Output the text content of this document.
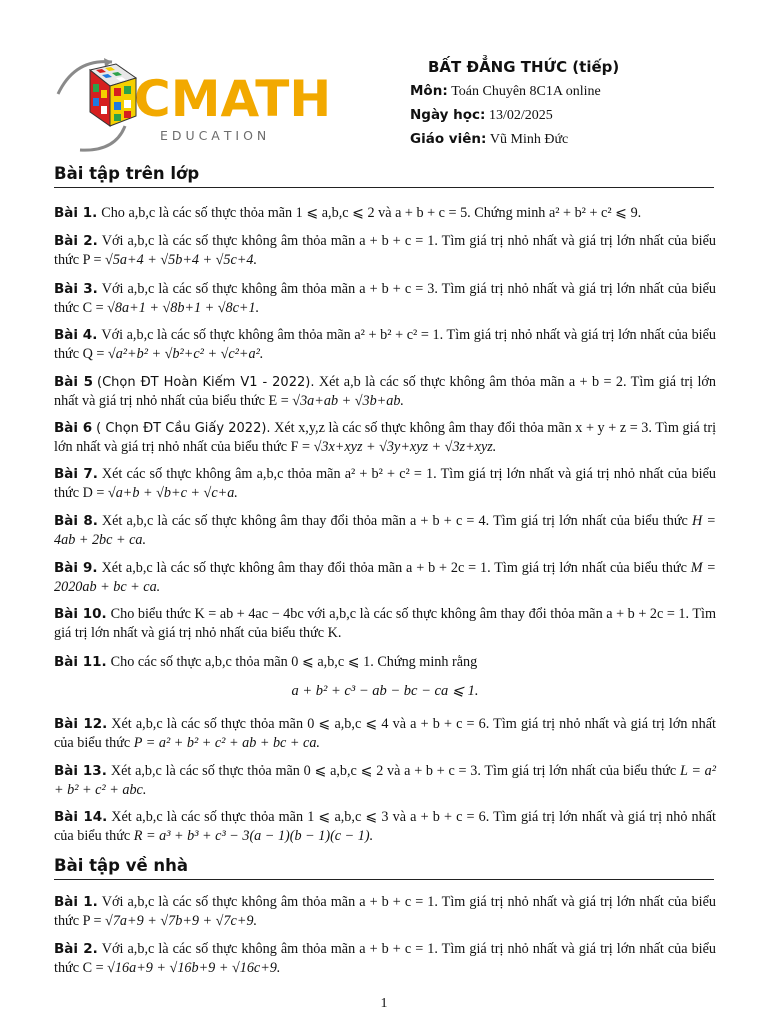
CMATH
E D U C A T I O N
BẤT ĐẲNG THỨC (tiếp)
Môn: Toán Chuyên 8C1A online
Ngày học: 13/02/2025
Giáo viên: Vũ Minh Đức
Bài tập trên lớp
Bài 1. Cho a,b,c là các số thực thỏa mãn 1 ⩽ a,b,c ⩽ 2 và a + b + c = 5. Chứng minh a² + b² + c² ⩽ 9.
Bài 2. Với a,b,c là các số thực không âm thỏa mãn a + b + c = 1. Tìm giá trị nhỏ nhất và giá trị lớn nhất của biểu thức P = √5a+4 + √5b+4 + √5c+4.
Bài 3. Với a,b,c là các số thực không âm thỏa mãn a + b + c = 3. Tìm giá trị nhỏ nhất và giá trị lớn nhất của biểu thức C = √8a+1 + √8b+1 + √8c+1.
Bài 4. Với a,b,c là các số thực không âm thỏa mãn a² + b² + c² = 1. Tìm giá trị nhỏ nhất và giá trị lớn nhất của biểu thức Q = √a²+b² + √b²+c² + √c²+a².
Bài 5 (Chọn ĐT Hoàn Kiếm V1 - 2022). Xét a,b là các số thực không âm thỏa mãn a + b = 2. Tìm giá trị lớn nhất và giá trị nhỏ nhất của biểu thức E = √3a+ab + √3b+ab.
Bài 6 ( Chọn ĐT Cầu Giấy 2022). Xét x,y,z là các số thực không âm thay đổi thỏa mãn x + y + z = 3. Tìm giá trị lớn nhất và giá trị nhỏ nhất của biểu thức F = √3x+xyz + √3y+xyz + √3z+xyz.
Bài 7. Xét các số thực không âm a,b,c thỏa mãn a² + b² + c² = 1. Tìm giá trị lớn nhất và giá trị nhỏ nhất của biểu thức D = √a+b + √b+c + √c+a.
Bài 8. Xét a,b,c là các số thực không âm thay đổi thỏa mãn a + b + c = 4. Tìm giá trị lớn nhất của biểu thức H = 4ab + 2bc + ca.
Bài 9. Xét a,b,c là các số thực không âm thay đổi thỏa mãn a + b + 2c = 1. Tìm giá trị lớn nhất của biểu thức M = 2020ab + bc + ca.
Bài 10. Cho biểu thức K = ab + 4ac − 4bc với a,b,c là các số thực không âm thay đổi thỏa mãn a + b + 2c = 1. Tìm giá trị lớn nhất và giá trị nhỏ nhất của biểu thức K.
Bài 11. Cho các số thực a,b,c thỏa mãn 0 ⩽ a,b,c ⩽ 1. Chứng minh rằng
a + b² + c³ − ab − bc − ca ⩽ 1.
Bài 12. Xét a,b,c là các số thực thỏa mãn 0 ⩽ a,b,c ⩽ 4 và a + b + c = 6. Tìm giá trị nhỏ nhất và giá trị lớn nhất của biểu thức P = a² + b² + c² + ab + bc + ca.
Bài 13. Xét a,b,c là các số thực thỏa mãn 0 ⩽ a,b,c ⩽ 2 và a + b + c = 3. Tìm giá trị lớn nhất của biểu thức L = a² + b² + c² + abc.
Bài 14. Xét a,b,c là các số thực thỏa mãn 1 ⩽ a,b,c ⩽ 3 và a + b + c = 6. Tìm giá trị lớn nhất và giá trị nhỏ nhất của biểu thức R = a³ + b³ + c³ − 3(a − 1)(b − 1)(c − 1).
Bài tập về nhà
Bài 1. Với a,b,c là các số thực không âm thỏa mãn a + b + c = 1. Tìm giá trị nhỏ nhất và giá trị lớn nhất của biểu thức P = √7a+9 + √7b+9 + √7c+9.
Bài 2. Với a,b,c là các số thực không âm thỏa mãn a + b + c = 1. Tìm giá trị nhỏ nhất và giá trị lớn nhất của biểu thức C = √16a+9 + √16b+9 + √16c+9.
1
